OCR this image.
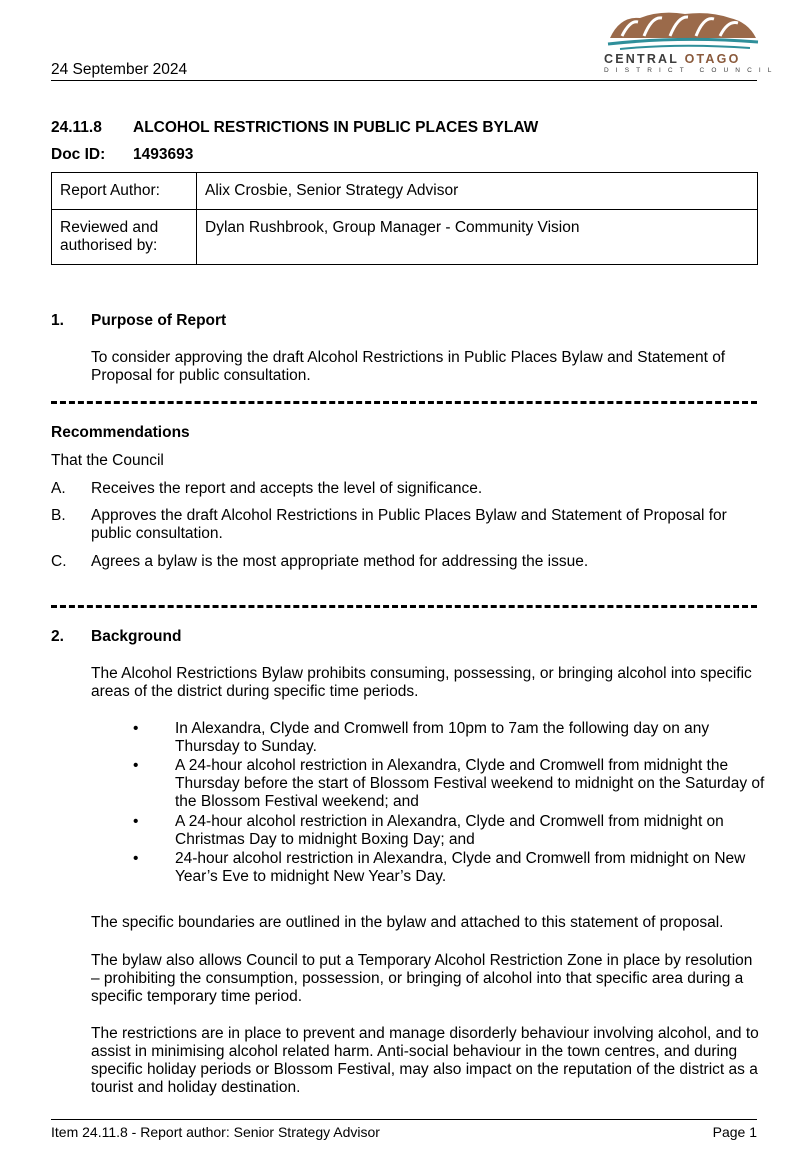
24 September 2024
CENTRAL OTAGO
DISTRICT COUNCIL
24.11.8 ALCOHOL RESTRICTIONS IN PUBLIC PLACES BYLAW
Doc ID: 1493693
Report Author:	Alix Crosbie, Senior Strategy Advisor
Reviewed and authorised by:	Dylan Rushbrook, Group Manager - Community Vision
1. Purpose of Report
To consider approving the draft Alcohol Restrictions in Public Places Bylaw and Statement of Proposal for public consultation.
Recommendations
That the Council
A. Receives the report and accepts the level of significance.
B. Approves the draft Alcohol Restrictions in Public Places Bylaw and Statement of Proposal for public consultation.
C. Agrees a bylaw is the most appropriate method for addressing the issue.
2. Background
The Alcohol Restrictions Bylaw prohibits consuming, possessing, or bringing alcohol into specific areas of the district during specific time periods.
• In Alexandra, Clyde and Cromwell from 10pm to 7am the following day on any Thursday to Sunday.
• A 24-hour alcohol restriction in Alexandra, Clyde and Cromwell from midnight the Thursday before the start of Blossom Festival weekend to midnight on the Saturday of the Blossom Festival weekend; and
• A 24-hour alcohol restriction in Alexandra, Clyde and Cromwell from midnight on Christmas Day to midnight Boxing Day; and
• 24-hour alcohol restriction in Alexandra, Clyde and Cromwell from midnight on New Year’s Eve to midnight New Year’s Day.
The specific boundaries are outlined in the bylaw and attached to this statement of proposal.
The bylaw also allows Council to put a Temporary Alcohol Restriction Zone in place by resolution – prohibiting the consumption, possession, or bringing of alcohol into that specific area during a specific temporary time period.
The restrictions are in place to prevent and manage disorderly behaviour involving alcohol, and to assist in minimising alcohol related harm. Anti-social behaviour in the town centres, and during specific holiday periods or Blossom Festival, may also impact on the reputation of the district as a tourist and holiday destination.
Item 24.11.8 - Report author: Senior Strategy Advisor	Page 1
